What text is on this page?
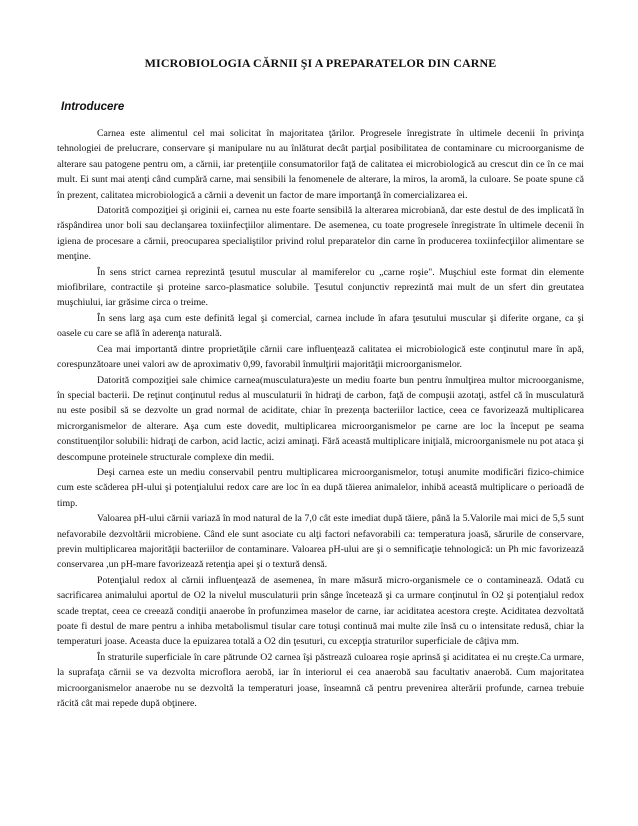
MICROBIOLOGIA CĂRNII ŞI A PREPARATELOR DIN CARNE
Introducere

Carnea este alimentul cel mai solicitat în majoritatea ţărilor. Progresele înregistrate în ultimele decenii în privinţa tehnologiei de prelucrare, conservare şi manipulare nu au înlăturat decât parţial posibilitatea de contaminare cu microorganisme de alterare sau patogene pentru om, a cărnii, iar pretenţiile consumatorilor faţă de calitatea ei microbiologică au crescut din ce în ce mai mult. Ei sunt mai atenţi când cumpără carne, mai sensibili la fenomenele de alterare, la miros, la aromă, la culoare. Se poate spune că în prezent, calitatea microbiologică a cărnii a devenit un factor de mare importanţă în comercializarea ei.

Datorită compoziţiei şi originii ei, carnea nu este foarte sensibilă la alterarea microbiană, dar este destul de des implicată în răspândirea unor boli sau declanşarea toxiinfecţiilor alimentare. De asemenea, cu toate progresele înregistrate în ultimele decenii în igiena de procesare a cărnii, preocuparea specialiştilor privind rolul preparatelor din carne în producerea toxiinfecţiilor alimentare se menţine.

În sens strict carnea reprezintă ţesutul muscular al mamiferelor cu „carne roşie". Muşchiul este format din elemente miofibrilare, contractile şi proteine sarco-plasmatice solubile. Ţesutul conjunctiv reprezintă mai mult de un sfert din greutatea muşchiului, iar grăsime circa o treime.

În sens larg aşa cum este definită legal şi comercial, carnea include în afara ţesutului muscular şi diferite organe, ca şi oasele cu care se află în aderenţa naturală.

Cea mai importantă dintre proprietăţile cărnii care influenţează calitatea ei microbiologică este conţinutul mare în apă, corespunzătoare unei valori aw de aproximativ 0,99, favorabil înmulţirii majorităţii microorganismelor.

Datorită compoziţiei sale chimice carnea(musculatura)este un mediu foarte bun pentru înmulţirea multor microorganisme, în special bacterii. De reţinut conţinutul redus al musculaturii în hidraţi de carbon, faţă de compuşii azotaţi, astfel că în musculatură nu este posibil să se dezvolte un grad normal de aciditate, chiar în prezenţa bacteriilor lactice, ceea ce favorizează multiplicarea microrganismelor de alterare. Aşa cum este dovedit, multiplicarea microorganismelor pe carne are loc la început pe seama constituenţilor solubili: hidraţi de carbon, acid lactic, acizi aminaţi. Fără această multiplicare iniţială, microorganismele nu pot ataca şi descompune proteinele structurale complexe din medii.

Deşi carnea este un mediu conservabil pentru multiplicarea microorganismelor, totuşi anumite modificări fizico-chimice cum este scăderea pH-ului şi potenţialului redox care are loc în ea după tăierea animalelor, inhibă această multiplicare o perioadă de timp.

Valoarea pH-ului cărnii variază în mod natural de la 7,0 cât este imediat după tăiere, până la 5.Valorile mai mici de 5,5 sunt nefavorabile dezvoltării microbiene. Când ele sunt asociate cu alţi factori nefavorabili ca: temperatura joasă, sărurile de conservare, previn multiplicarea majorităţii bacteriilor de contaminare. Valoarea pH-ului are şi o semnificaţie tehnologică: un Ph mic favorizează conservarea ,un pH-mare favorizează retenţia apei şi o textură densă.

Potenţialul redox al cărnii influenţează de asemenea, în mare măsură micro-organismele ce o contaminează. Odată cu sacrificarea animalului aportul de O2 la nivelul musculaturii prin sânge încetează şi ca urmare conţinutul în O2 şi potenţialul redox scade treptat, ceea ce creează condiţii anaerobe în profunzimea maselor de carne, iar aciditatea acestora creşte. Aciditatea dezvoltată poate fi destul de mare pentru a inhiba metabolismul tisular care totuşi continuă mai multe zile însă cu o intensitate redusă, chiar la temperaturi joase. Aceasta duce la epuizarea totală a O2 din ţesuturi, cu excepţia straturilor superficiale de câţiva mm.

În straturile superficiale în care pătrunde O2 carnea îşi păstrează culoarea roşie aprinsă şi aciditatea ei nu creşte.Ca urmare, la suprafaţa cărnii se va dezvolta microflora aerobă, iar în interiorul ei cea anaerobă sau facultativ anaerobă. Cum majoritatea microorganismelor anaerobe nu se dezvoltă la temperaturi joase, înseamnă că pentru prevenirea alterării profunde, carnea trebuie răcită cât mai repede după obţinere.
